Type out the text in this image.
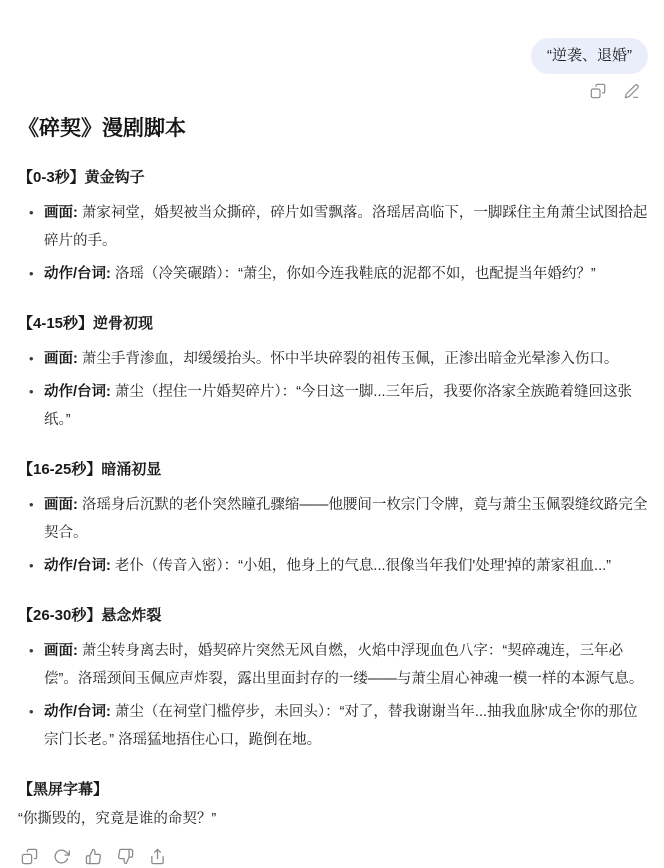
“逆袭、退婚”
《碎契》漫剧脚本
【0-3秒】黄金钩子
• 画面: 萧家祠堂，婚契被当众撕碎，碎片如雪飘落。洛瑶居高临下，一脚踩住主角萧尘试图拾起碎片的手。
• 动作/台词: 洛瑶（冷笑碾踏）：“萧尘，你如今连我鞋底的泥都不如，也配提当年婚约？”
【4-15秒】逆骨初现
• 画面: 萧尘手背渗血，却缓缓抬头。怀中半块碎裂的祖传玉佩，正渗出暗金光晕渗入伤口。
• 动作/台词: 萧尘（捏住一片婚契碎片）：“今日这一脚...三年后，我要你洛家全族跪着缝回这张纸。”
【16-25秒】暗涌初显
• 画面: 洛瑶身后沉默的老仆突然瞳孔骤缩——他腰间一枚宗门令牌，竟与萧尘玉佩裂缝纹路完全契合。
• 动作/台词: 老仆（传音入密）：“小姐，他身上的气息...很像当年我们'处理'掉的萧家祖血...”
【26-30秒】悬念炸裂
• 画面: 萧尘转身离去时，婚契碎片突然无风自燃，火焰中浮现血色八字：“契碎魂连，三年必偿”。洛瑶颈间玉佩应声炸裂，露出里面封存的一缕——与萧尘眉心神魂一模一样的本源气息。
• 动作/台词: 萧尘（在祠堂门槛停步，未回头）：“对了，替我谢谢当年...抽我血脉'成全'你的那位宗门长老。” 洛瑶猛地捂住心口，跪倒在地。
【黑屏字幕】

“你撕毁的，究竟是谁的命契？”
